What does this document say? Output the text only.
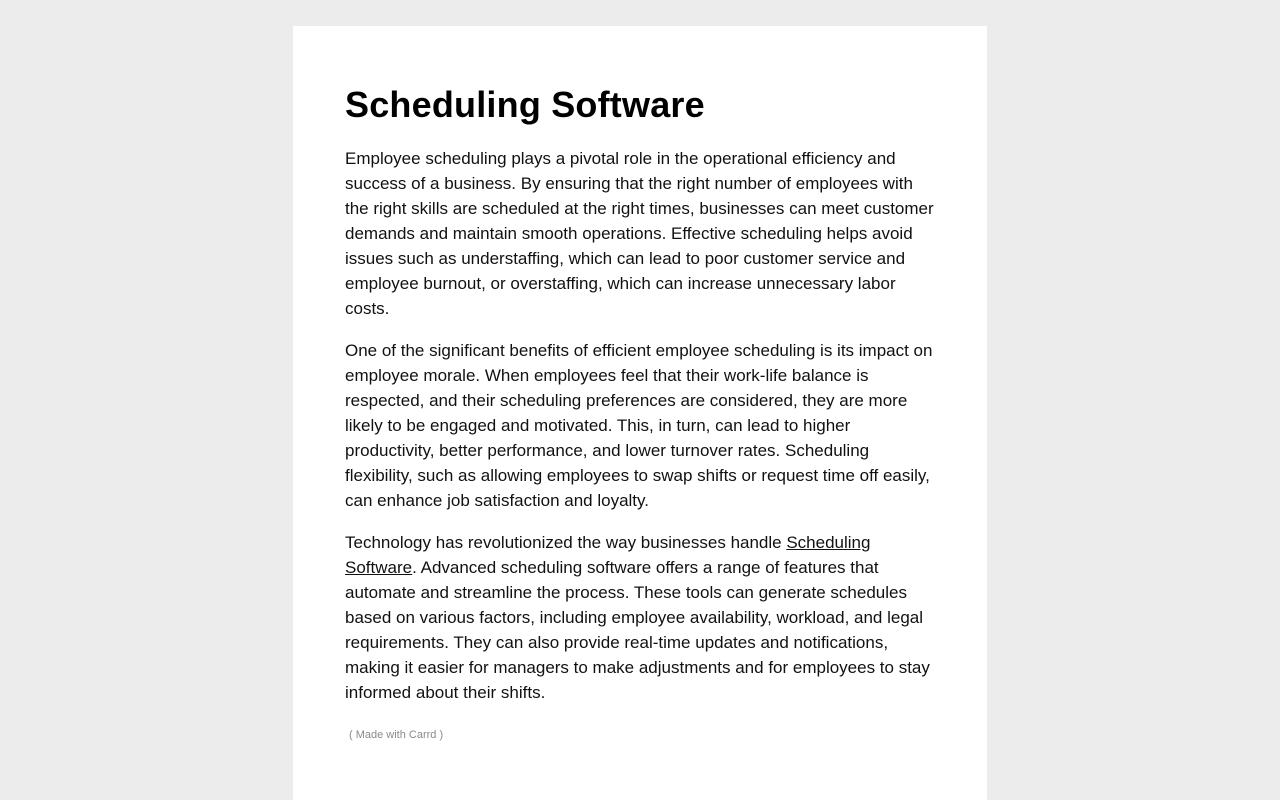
Scheduling Software

Employee scheduling plays a pivotal role in the operational efficiency and success of a business. By ensuring that the right number of employees with the right skills are scheduled at the right times, businesses can meet customer demands and maintain smooth operations. Effective scheduling helps avoid issues such as understaffing, which can lead to poor customer service and employee burnout, or overstaffing, which can increase unnecessary labor costs.

One of the significant benefits of efficient employee scheduling is its impact on employee morale. When employees feel that their work-life balance is respected, and their scheduling preferences are considered, they are more likely to be engaged and motivated. This, in turn, can lead to higher productivity, better performance, and lower turnover rates. Scheduling flexibility, such as allowing employees to swap shifts or request time off easily, can enhance job satisfaction and loyalty.

Technology has revolutionized the way businesses handle Scheduling Software. Advanced scheduling software offers a range of features that automate and streamline the process. These tools can generate schedules based on various factors, including employee availability, workload, and legal requirements. They can also provide real-time updates and notifications, making it easier for managers to make adjustments and for employees to stay informed about their shifts.

( Made with Carrd )
